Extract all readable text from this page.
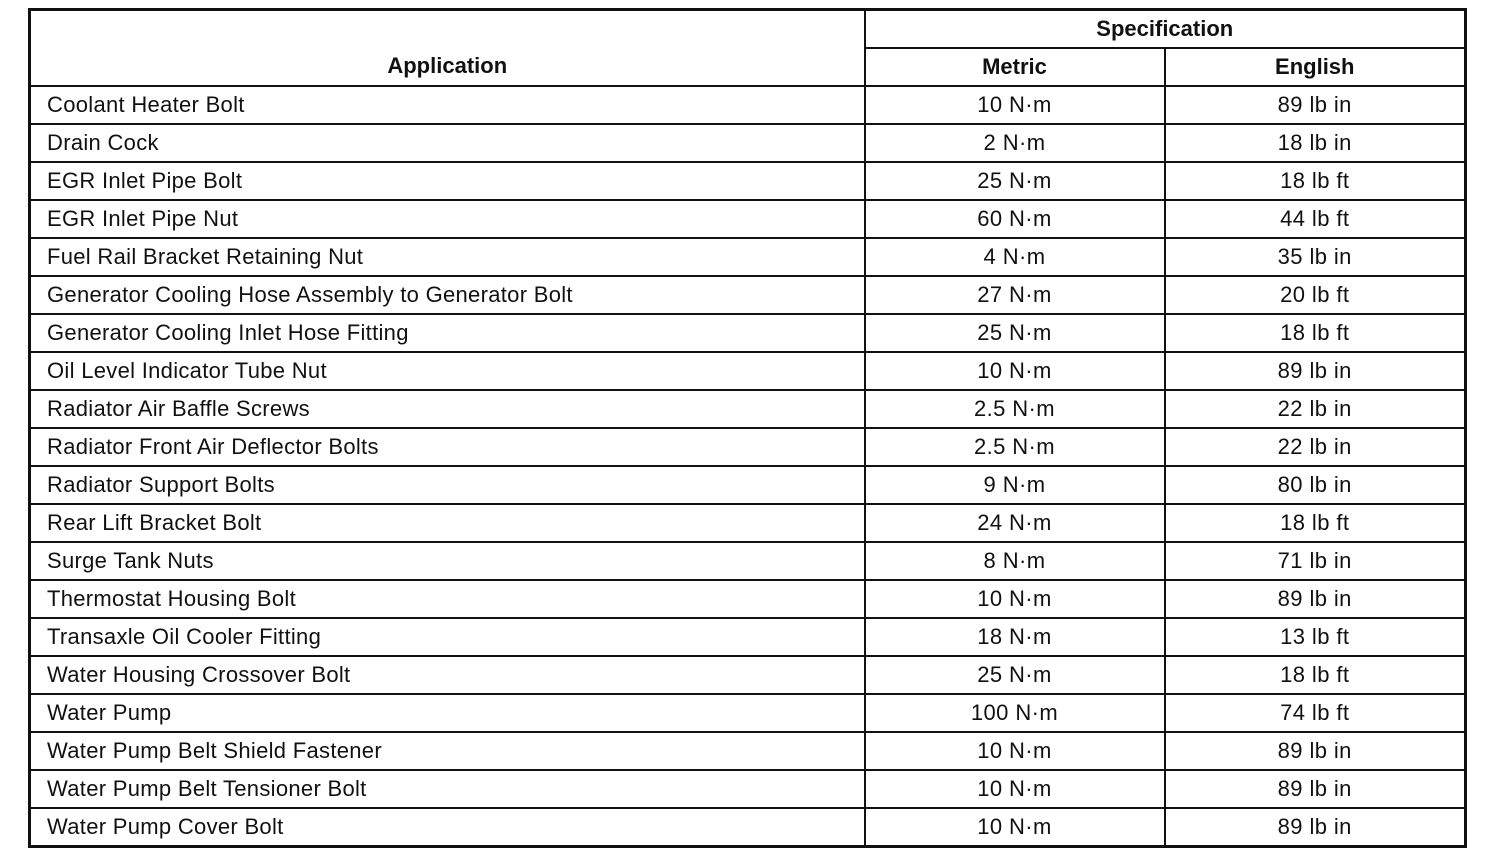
Application	Specification	
	Metric	English
Coolant Heater Bolt	10 N·m	89 lb in
Drain Cock	2 N·m	18 lb in
EGR Inlet Pipe Bolt	25 N·m	18 lb ft
EGR Inlet Pipe Nut	60 N·m	44 lb ft
Fuel Rail Bracket Retaining Nut	4 N·m	35 lb in
Generator Cooling Hose Assembly to Generator Bolt	27 N·m	20 lb ft
Generator Cooling Inlet Hose Fitting	25 N·m	18 lb ft
Oil Level Indicator Tube Nut	10 N·m	89 lb in
Radiator Air Baffle Screws	2.5 N·m	22 lb in
Radiator Front Air Deflector Bolts	2.5 N·m	22 lb in
Radiator Support Bolts	9 N·m	80 lb in
Rear Lift Bracket Bolt	24 N·m	18 lb ft
Surge Tank Nuts	8 N·m	71 lb in
Thermostat Housing Bolt	10 N·m	89 lb in
Transaxle Oil Cooler Fitting	18 N·m	13 lb ft
Water Housing Crossover Bolt	25 N·m	18 lb ft
Water Pump	100 N·m	74 lb ft
Water Pump Belt Shield Fastener	10 N·m	89 lb in
Water Pump Belt Tensioner Bolt	10 N·m	89 lb in
Water Pump Cover Bolt	10 N·m	89 lb in
